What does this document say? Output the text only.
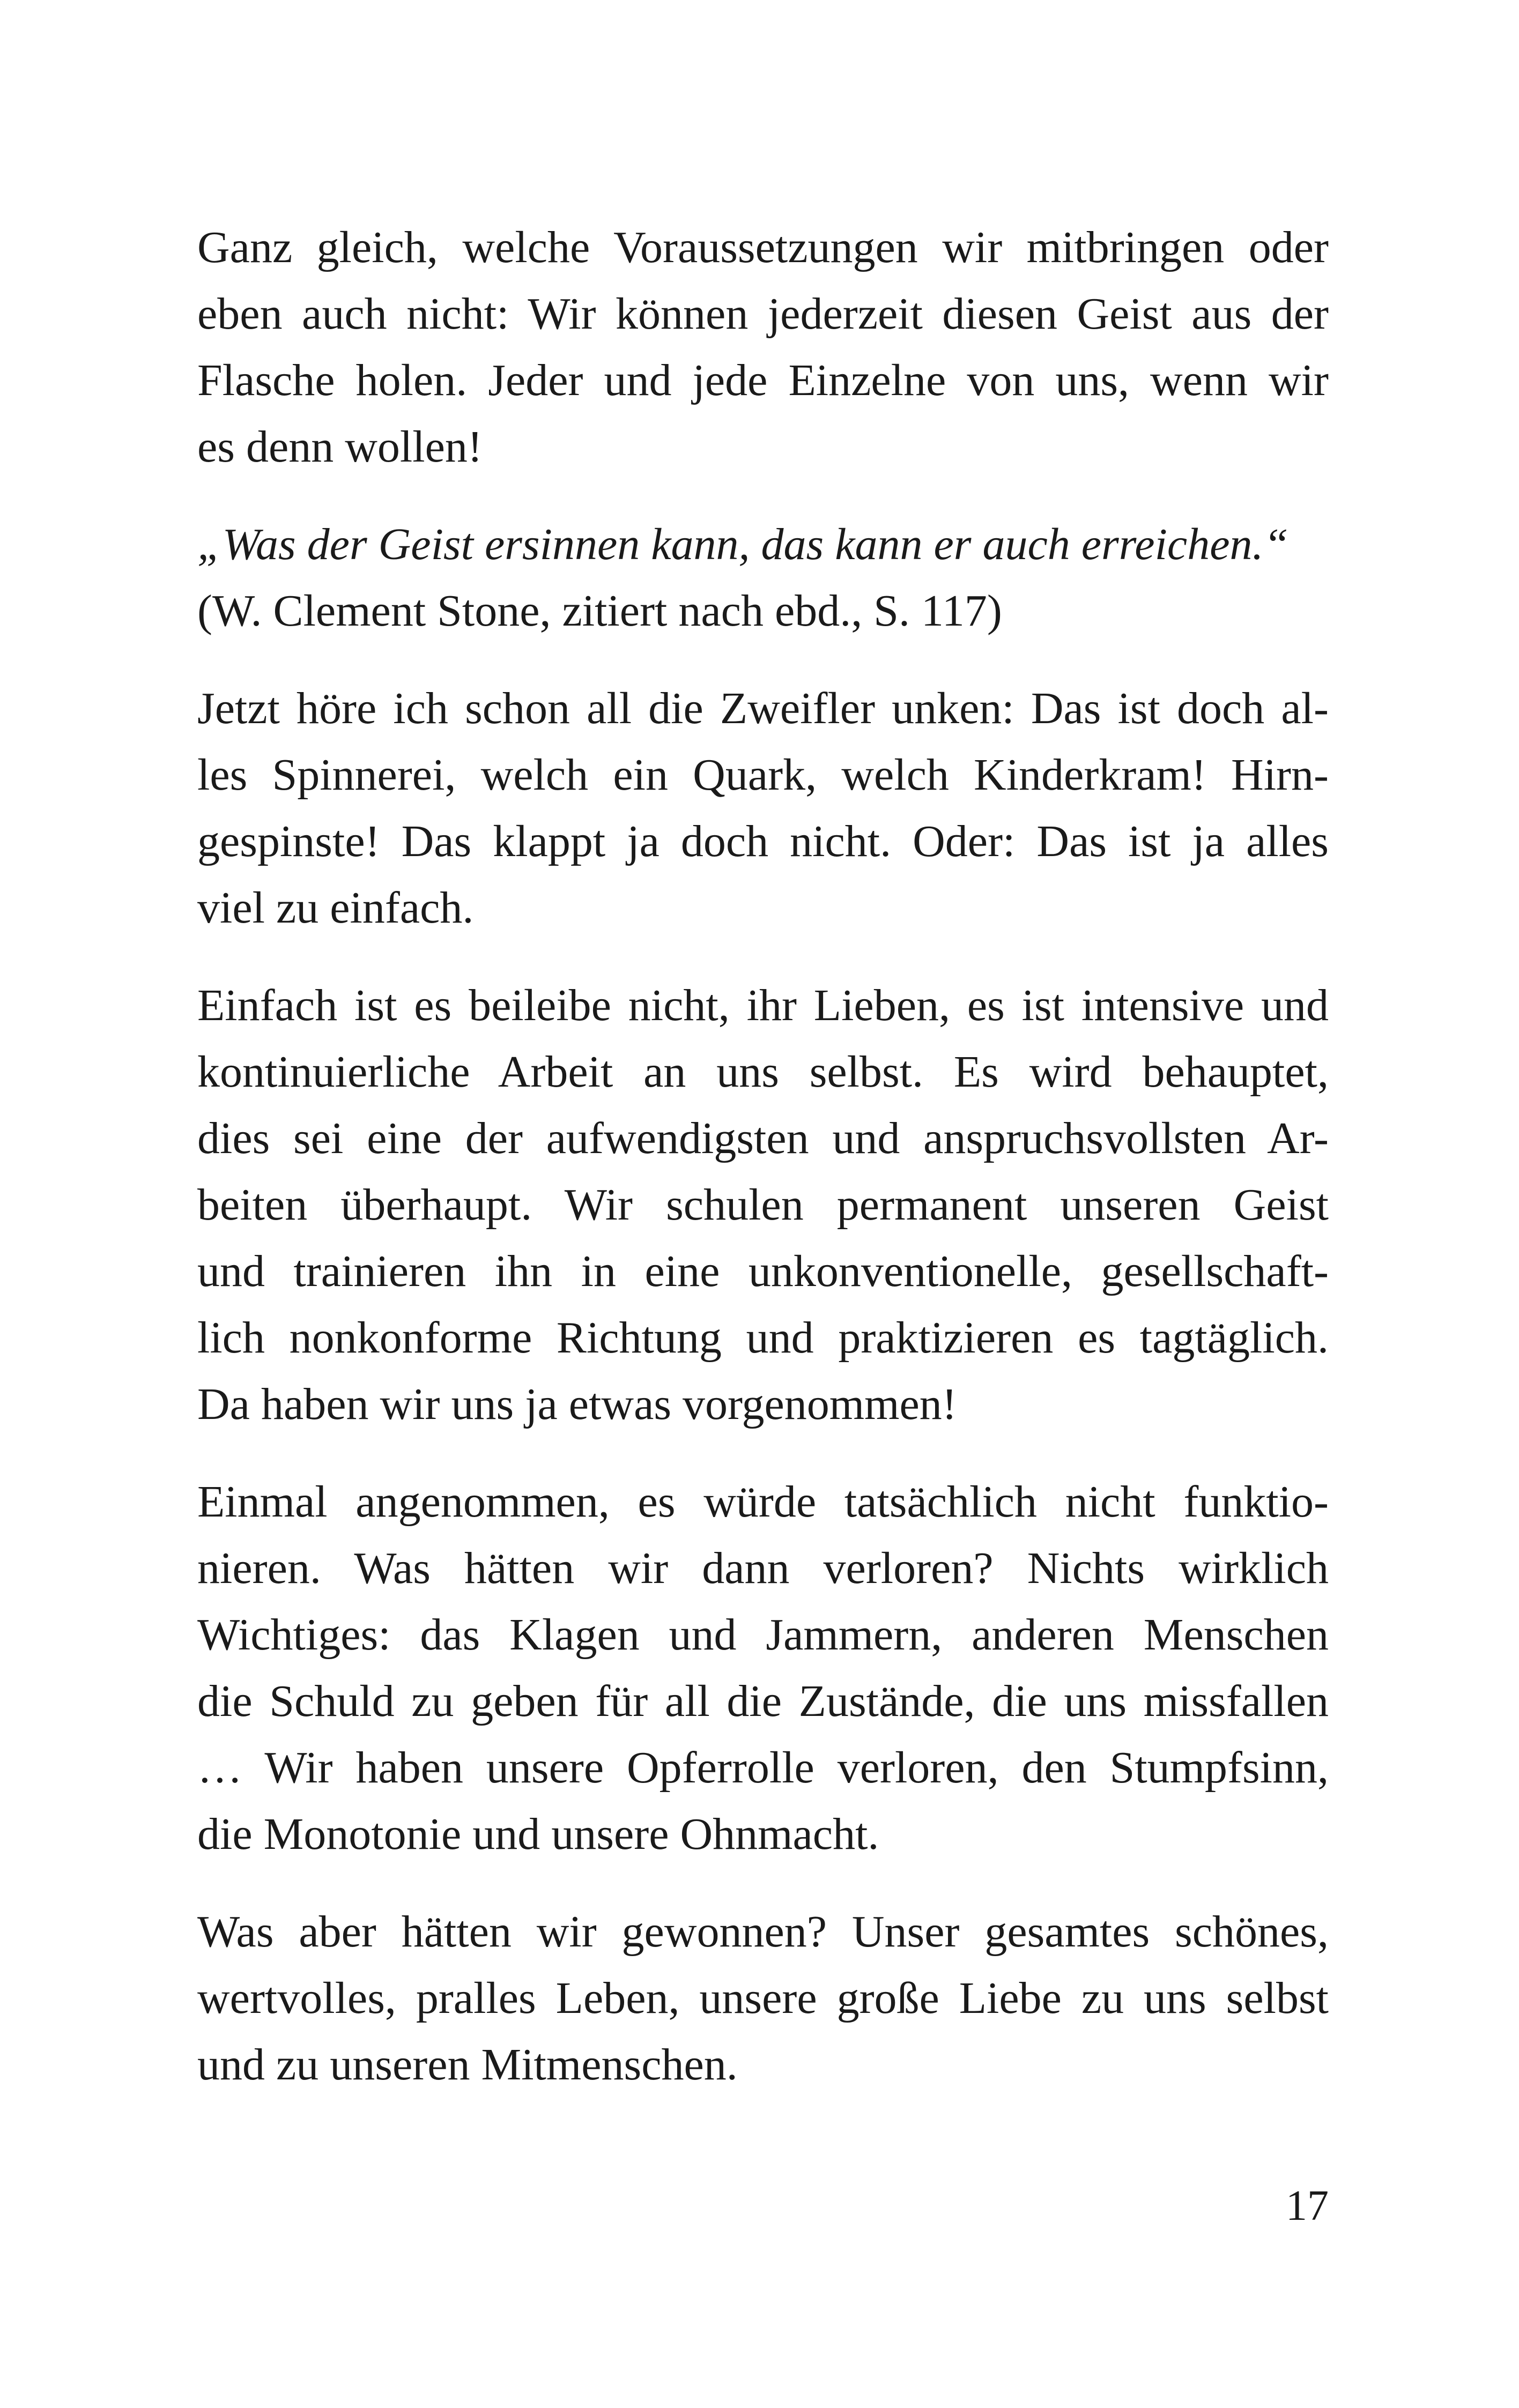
Ganz gleich, welche Voraussetzungen wir mitbringen oder
eben auch nicht: Wir können jederzeit diesen Geist aus der
Flasche holen. Jeder und jede Einzelne von uns, wenn wir
es denn wollen!

„Was der Geist ersinnen kann, das kann er auch erreichen.“
(W. Clement Stone, zitiert nach ebd., S. 117)

Jetzt höre ich schon all die Zweifler unken: Das ist doch al-
les Spinnerei, welch ein Quark, welch Kinderkram! Hirn-
gespinste! Das klappt ja doch nicht. Oder: Das ist ja alles
viel zu einfach.

Einfach ist es beileibe nicht, ihr Lieben, es ist intensive und
kontinuierliche Arbeit an uns selbst. Es wird behauptet,
dies sei eine der aufwendigsten und anspruchsvollsten Ar-
beiten überhaupt. Wir schulen permanent unseren Geist
und trainieren ihn in eine unkonventionelle, gesellschaft-
lich nonkonforme Richtung und praktizieren es tagtäglich.
Da haben wir uns ja etwas vorgenommen!

Einmal angenommen, es würde tatsächlich nicht funktio-
nieren. Was hätten wir dann verloren? Nichts wirklich
Wichtiges: das Klagen und Jammern, anderen Menschen
die Schuld zu geben für all die Zustände, die uns missfallen
… Wir haben unsere Opferrolle verloren, den Stumpfsinn,
die Monotonie und unsere Ohnmacht.

Was aber hätten wir gewonnen? Unser gesamtes schönes,
wertvolles, pralles Leben, unsere große Liebe zu uns selbst
und zu unseren Mitmenschen.

17
